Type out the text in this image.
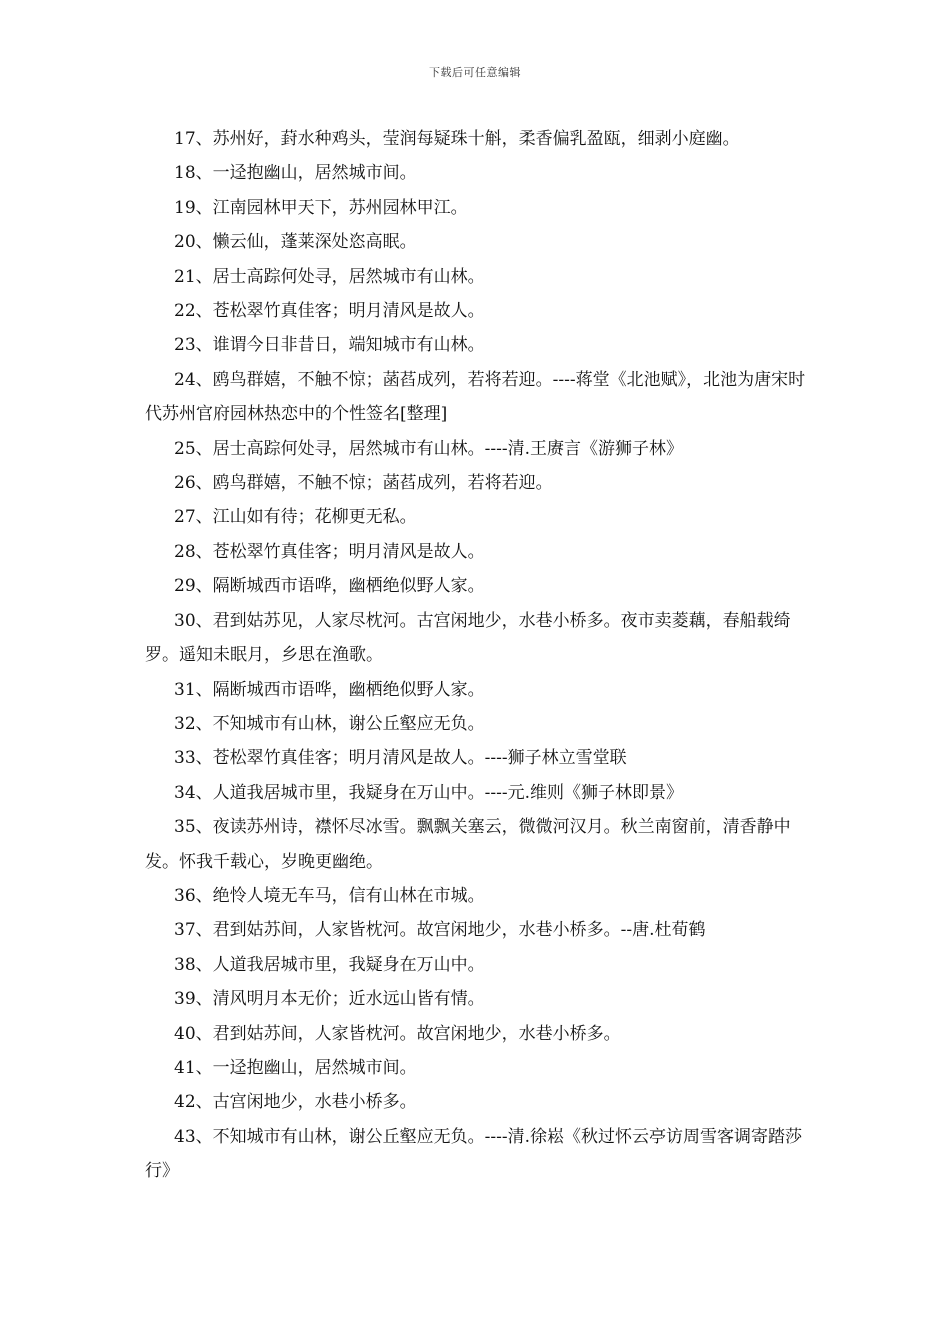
下载后可任意编辑

17、苏州好，葑水种鸡头，莹润每疑珠十斛，柔香偏乳盈瓯，细剥小庭幽。

18、一迳抱幽山，居然城市间。

19、江南园林甲天下，苏州园林甲江。

20、懒云仙，蓬莱深处恣高眠。

21、居士高踪何处寻，居然城市有山林。

22、苍松翠竹真佳客；明月清风是故人。

23、谁谓今日非昔日，端知城市有山林。

24、鸥鸟群嬉，不触不惊；菡萏成列，若将若迎。----蒋堂《北池赋》，北池为唐宋时代苏州官府园林热恋中的个性签名[整理]

25、居士高踪何处寻，居然城市有山林。----清.王赓言《游狮子林》

26、鸥鸟群嬉，不触不惊；菡萏成列，若将若迎。

27、江山如有待；花柳更无私。

28、苍松翠竹真佳客；明月清风是故人。

29、隔断城西市语哗，幽栖绝似野人家。

30、君到姑苏见，人家尽枕河。古宫闲地少，水巷小桥多。夜市卖菱藕，春船载绮罗。遥知未眠月，乡思在渔歌。

31、隔断城西市语哗，幽栖绝似野人家。

32、不知城市有山林，谢公丘壑应无负。

33、苍松翠竹真佳客；明月清风是故人。----狮子林立雪堂联

34、人道我居城市里，我疑身在万山中。----元.维则《狮子林即景》

35、夜读苏州诗，襟怀尽冰雪。飘飘关塞云，微微河汉月。秋兰南窗前，清香静中发。怀我千载心，岁晚更幽绝。

36、绝怜人境无车马，信有山林在市城。

37、君到姑苏间，人家皆枕河。故宫闲地少，水巷小桥多。--唐.杜荀鹤

38、人道我居城市里，我疑身在万山中。

39、清风明月本无价；近水远山皆有情。

40、君到姑苏间，人家皆枕河。故宫闲地少，水巷小桥多。

41、一迳抱幽山，居然城市间。

42、古宫闲地少，水巷小桥多。

43、不知城市有山林，谢公丘壑应无负。----清.徐崧《秋过怀云亭访周雪客调寄踏莎行》
